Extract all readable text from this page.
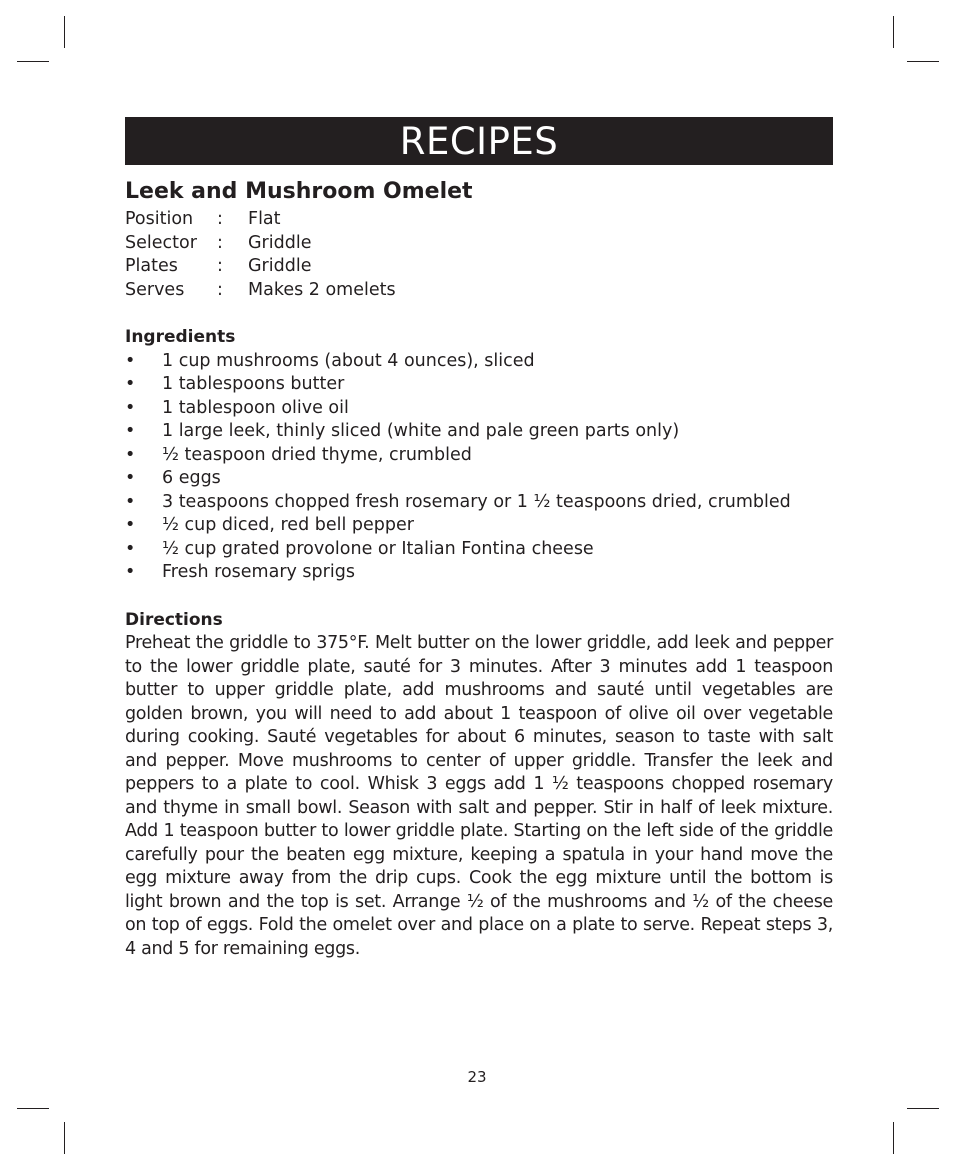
RECIPES
Leek and Mushroom Omelet
Position	:	Flat
Selector	:	Griddle
Plates	:	Griddle
Serves	:	Makes 2 omelets
Ingredients
•	1 cup mushrooms (about 4 ounces), sliced
•	1 tablespoons butter
•	1 tablespoon olive oil
•	1 large leek, thinly sliced (white and pale green parts only)
•	½ teaspoon dried thyme, crumbled
•	6 eggs
•	3 teaspoons chopped fresh rosemary or 1 ½ teaspoons dried, crumbled
•	½ cup diced, red bell pepper
•	½ cup grated provolone or Italian Fontina cheese
•	Fresh rosemary sprigs
Directions

Preheat the griddle to 375°F. Melt butter on the lower griddle, add leek and pepper to the lower griddle plate, sauté for 3 minutes. After 3 minutes add 1 teaspoon butter to upper griddle plate, add mushrooms and sauté until vegetables are golden brown, you will need to add about 1 teaspoon of olive oil over vegetable during cooking. Sauté vegetables for about 6 minutes, season to taste with salt and pepper. Move mushrooms to center of upper griddle. Transfer the leek and peppers to a plate to cool. Whisk 3 eggs add 1 ½ teaspoons chopped rosemary and thyme in small bowl. Season with salt and pepper. Stir in half of leek mixture. Add 1 teaspoon butter to lower griddle plate. Starting on the left side of the griddle carefully pour the beaten egg mixture, keeping a spatula in your hand move the egg mixture away from the drip cups. Cook the egg mixture until the bottom is light brown and the top is set. Arrange ½ of the mushrooms and ½ of the cheese on top of eggs. Fold the omelet over and place on a plate to serve. Repeat steps 3, 4 and 5 for remaining eggs.

23
